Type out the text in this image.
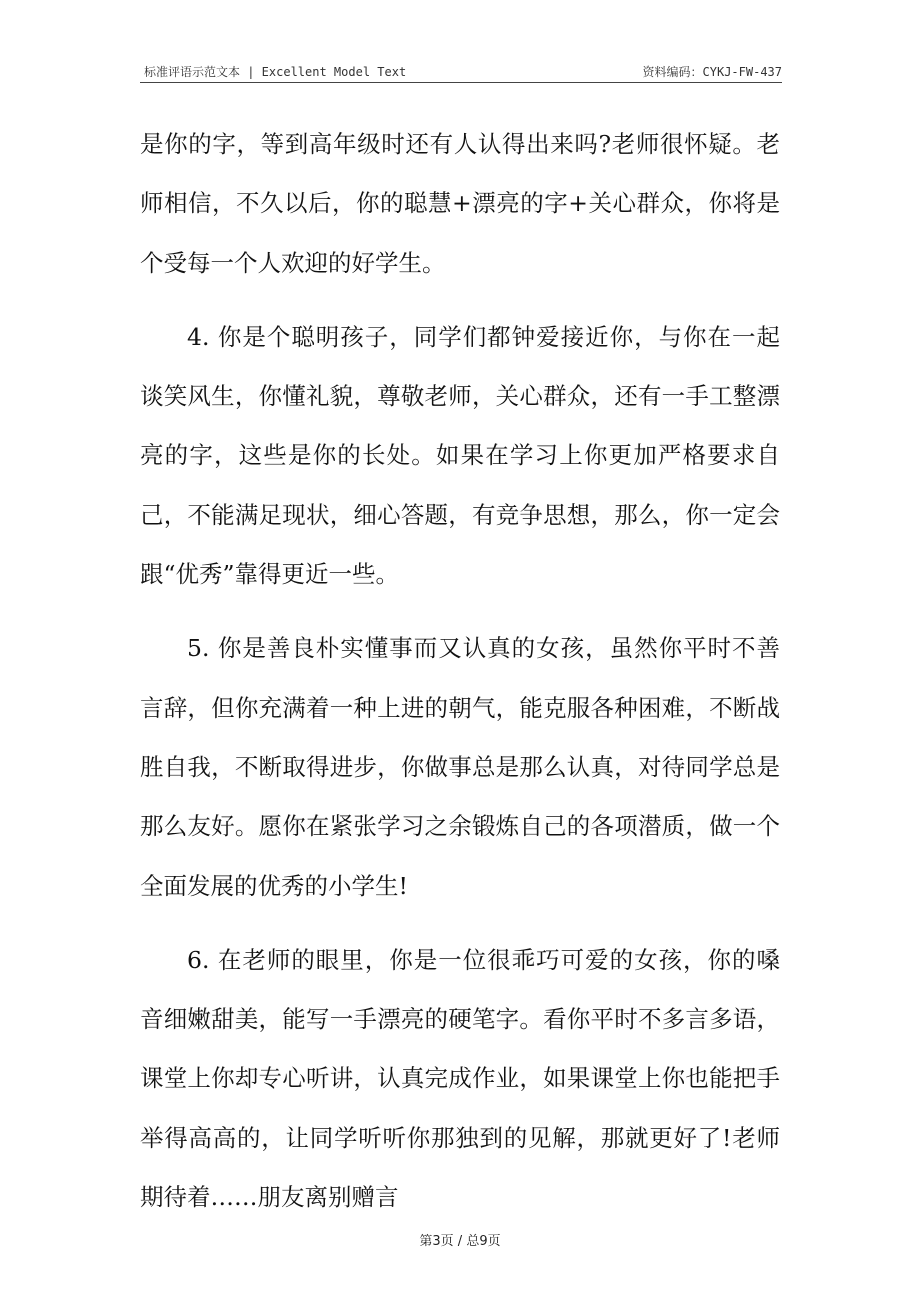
标准评语示范文本 | Excellent Model Text	资料编码：CYKJ-FW-437

是你的字，等到高年级时还有人认得出来吗?老师很怀疑。老师相信，不久以后，你的聪慧+漂亮的字+关心群众，你将是个受每一个人欢迎的好学生。

4. 你是个聪明孩子，同学们都钟爱接近你，与你在一起谈笑风生，你懂礼貌，尊敬老师，关心群众，还有一手工整漂亮的字，这些是你的长处。如果在学习上你更加严格要求自己，不能满足现状，细心答题，有竞争思想，那么，你一定会跟“优秀”靠得更近一些。

5. 你是善良朴实懂事而又认真的女孩，虽然你平时不善言辞，但你充满着一种上进的朝气，能克服各种困难，不断战胜自我，不断取得进步，你做事总是那么认真，对待同学总是那么友好。愿你在紧张学习之余锻炼自己的各项潜质，做一个全面发展的优秀的小学生!

6. 在老师的眼里，你是一位很乖巧可爱的女孩，你的嗓音细嫩甜美，能写一手漂亮的硬笔字。看你平时不多言多语，课堂上你却专心听讲，认真完成作业，如果课堂上你也能把手举得高高的，让同学听听你那独到的见解，那就更好了!老师期待着……朋友离别赠言

第3页 / 总9页
